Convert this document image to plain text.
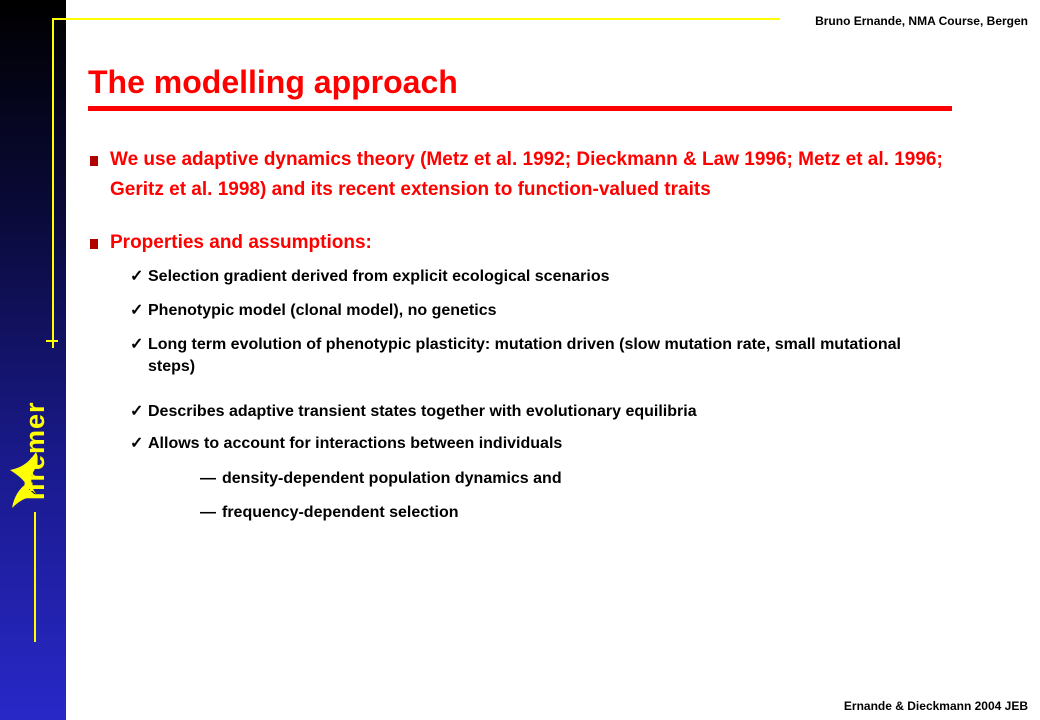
Ifremer
Bruno Ernande, NMA Course, Bergen
Ernande & Dieckmann 2004 JEB
The modelling approach
We use adaptive dynamics theory (Metz et al. 1992; Dieckmann & Law 1996; Metz et al. 1996; Geritz et al. 1998) and its recent extension to function-valued traits
Properties and assumptions:
✓ Selection gradient derived from explicit ecological scenarios
✓ Phenotypic model (clonal model), no genetics
✓ Long term evolution of phenotypic plasticity: mutation driven (slow mutation rate, small mutational steps)
✓ Describes adaptive transient states together with evolutionary equilibria
✓ Allows to account for interactions between individuals
— density-dependent population dynamics and
— frequency-dependent selection
